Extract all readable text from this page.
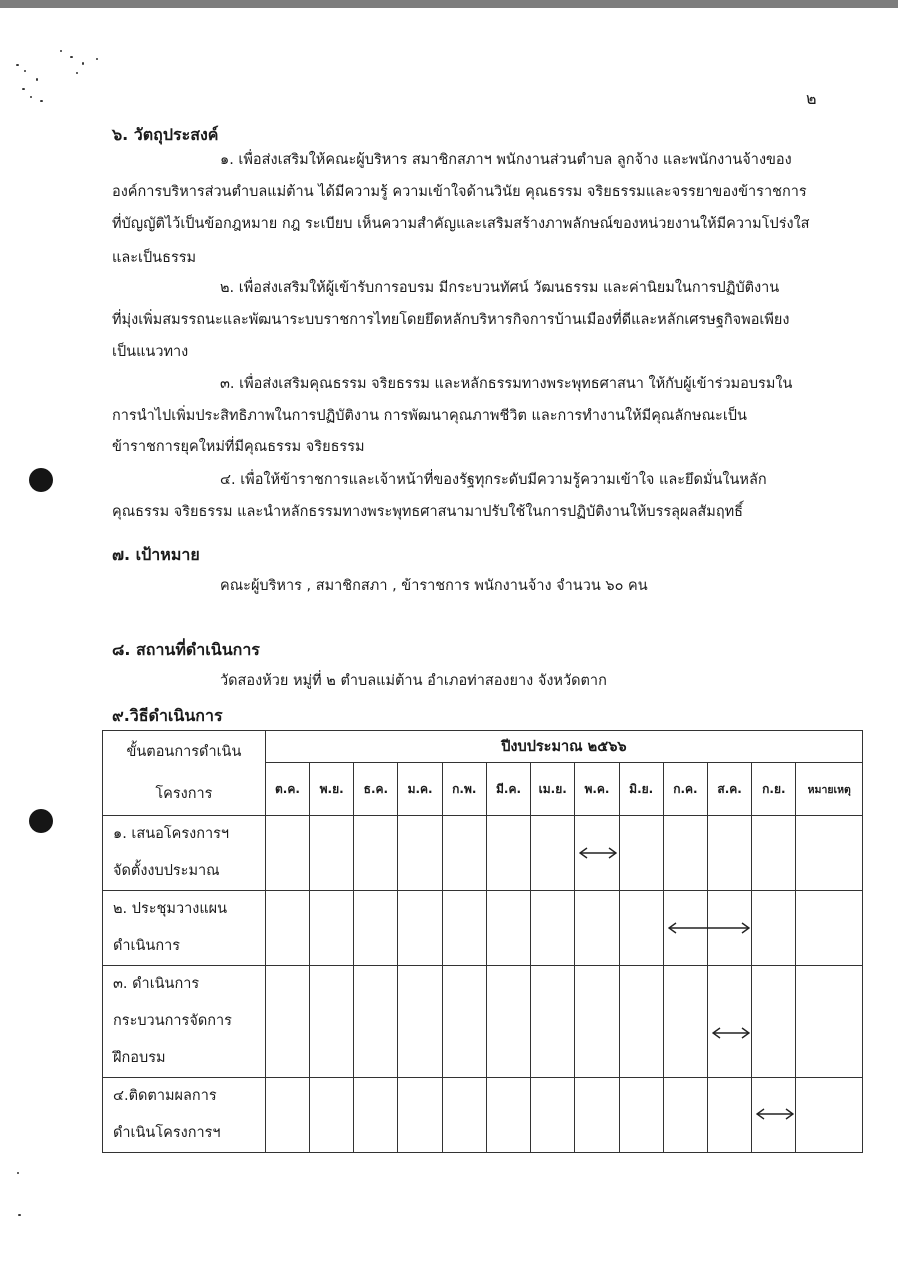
๒
๖. วัตถุประสงค์
๑. เพื่อส่งเสริมให้คณะผู้บริหาร สมาชิกสภาฯ พนักงานส่วนตำบล ลูกจ้าง และพนักงานจ้างของ
องค์การบริหารส่วนตำบลแม่ต้าน ได้มีความรู้ ความเข้าใจด้านวินัย คุณธรรม จริยธรรมและจรรยาของข้าราชการ
ที่บัญญัติไว้เป็นข้อกฎหมาย กฎ ระเบียบ เห็นความสำคัญและเสริมสร้างภาพลักษณ์ของหน่วยงานให้มีความโปร่งใส
และเป็นธรรม
๒. เพื่อส่งเสริมให้ผู้เข้ารับการอบรม มีกระบวนทัศน์ วัฒนธรรม และค่านิยมในการปฏิบัติงาน
ที่มุ่งเพิ่มสมรรถนะและพัฒนาระบบราชการไทยโดยยึดหลักบริหารกิจการบ้านเมืองที่ดีและหลักเศรษฐกิจพอเพียง
เป็นแนวทาง
๓. เพื่อส่งเสริมคุณธรรม จริยธรรม และหลักธรรมทางพระพุทธศาสนา ให้กับผู้เข้าร่วมอบรมใน
การนำไปเพิ่มประสิทธิภาพในการปฏิบัติงาน การพัฒนาคุณภาพชีวิต และการทำงานให้มีคุณลักษณะเป็น
ข้าราชการยุคใหม่ที่มีคุณธรรม จริยธรรม
๔. เพื่อให้ข้าราชการและเจ้าหน้าที่ของรัฐทุกระดับมีความรู้ความเข้าใจ และยึดมั่นในหลัก
คุณธรรม จริยธรรม และนำหลักธรรมทางพระพุทธศาสนามาปรับใช้ในการปฏิบัติงานให้บรรลุผลสัมฤทธิ์
๗. เป้าหมาย
คณะผู้บริหาร , สมาชิกสภา , ข้าราชการ พนักงานจ้าง จำนวน ๖๐ คน
๘. สถานที่ดำเนินการ
วัดสองห้วย หมู่ที่ ๒ ตำบลแม่ต้าน อำเภอท่าสองยาง จังหวัดตาก
๙.วิธีดำเนินการ
ขั้นตอนการดำเนิน
โครงการ	ปีงบประมาณ ๒๕๖๖												
	ต.ค.	พ.ย.	ธ.ค.	ม.ค.	ก.พ.	มี.ค.	เม.ย.	พ.ค.	มิ.ย.	ก.ค.	ส.ค.	ก.ย.	หมายเหตุ

๑. เสนอโครงการฯ
จัดตั้งงบประมาณ

๒. ประชุมวางแผน
ดำเนินการ

๓. ดำเนินการ
กระบวนการจัดการ
ฝึกอบรม

๔.ติดตามผลการ
ดำเนินโครงการฯ
